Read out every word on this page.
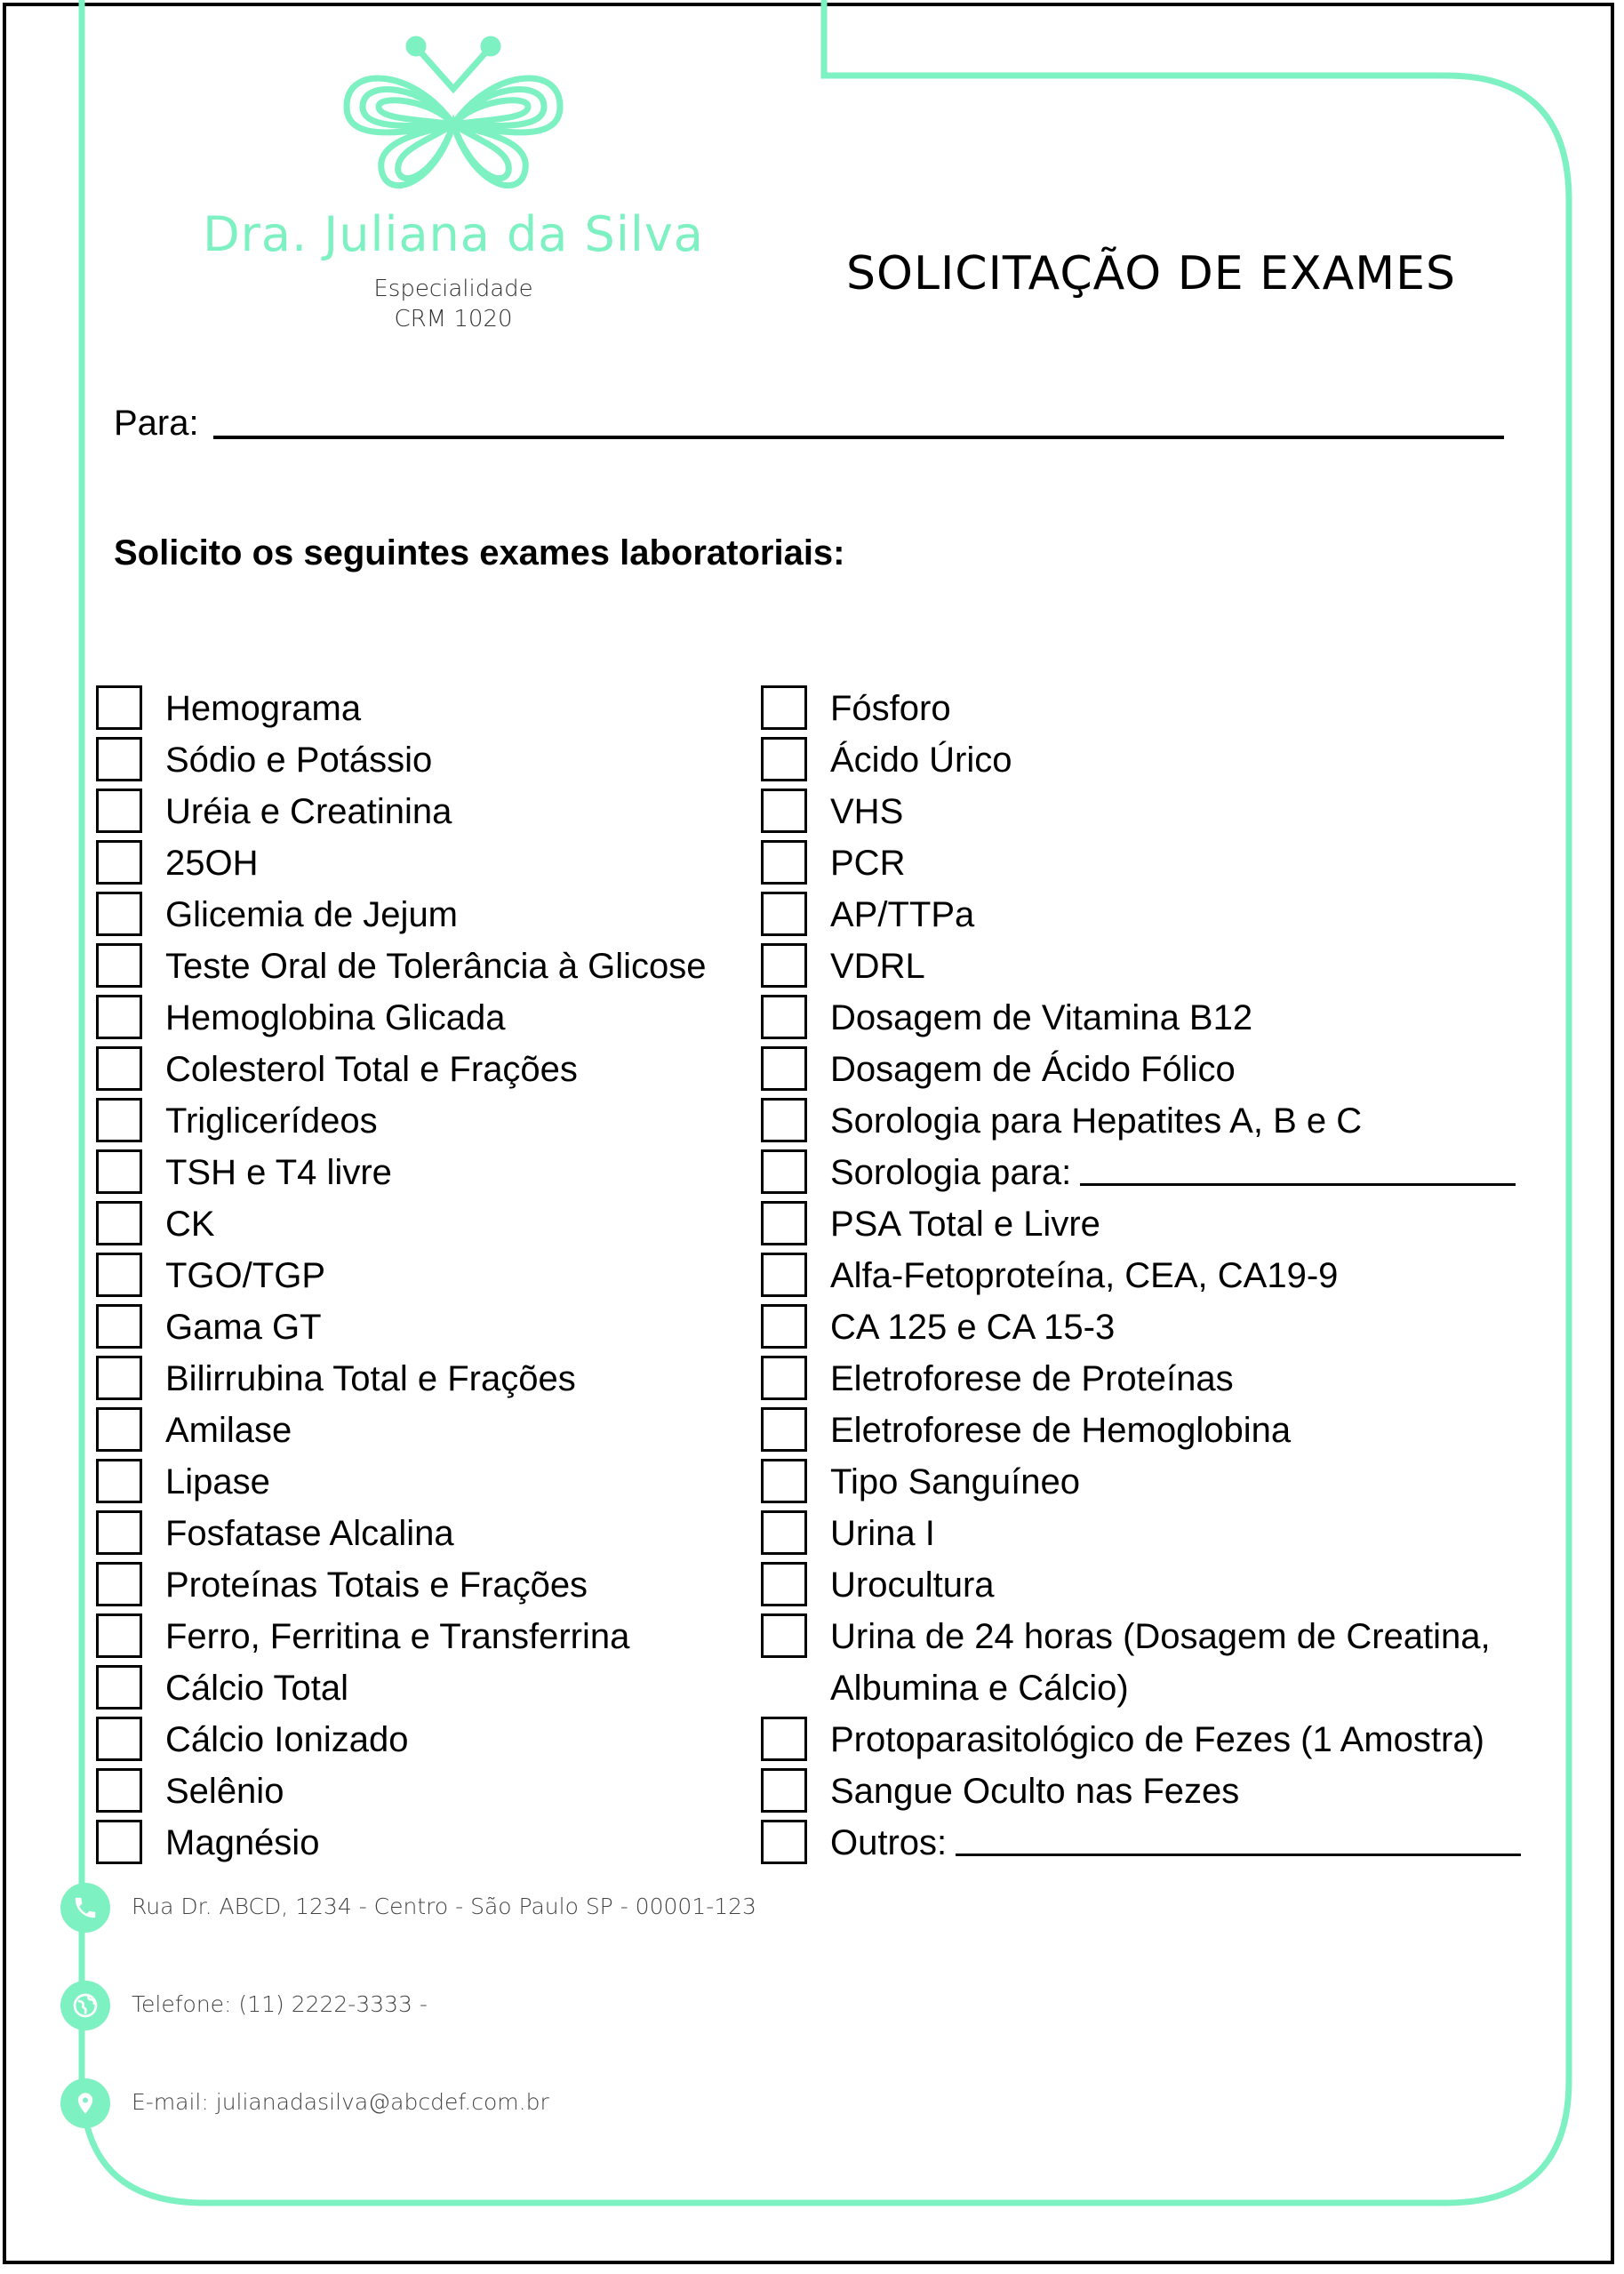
Dra. Juliana da Silva
Especialidade
CRM 1020
SOLICITAÇÃO DE EXAMES
Para:
Solicito os seguintes exames laboratoriais:
Hemograma
Sódio e Potássio
Uréia e Creatinina
25OH
Glicemia de Jejum
Teste Oral de Tolerância à Glicose
Hemoglobina Glicada
Colesterol Total e Frações
Triglicerídeos
TSH e T4 livre
CK
TGO/TGP
Gama GT
Bilirrubina Total e Frações
Amilase
Lipase
Fosfatase Alcalina
Proteínas Totais e Frações
Ferro, Ferritina e Transferrina
Cálcio Total
Cálcio Ionizado
Selênio
Magnésio
Fósforo
Ácido Úrico
VHS
PCR
AP/TTPa
VDRL
Dosagem de Vitamina B12
Dosagem de Ácido Fólico
Sorologia para Hepatites A, B e C
Sorologia para:
PSA Total e Livre
Alfa-Fetoproteína, CEA, CA19-9
CA 125 e CA 15-3
Eletroforese de Proteínas
Eletroforese de Hemoglobina
Tipo Sanguíneo
Urina I
Urocultura
Urina de 24 horas (Dosagem de Creatina, Albumina e Cálcio)
Protoparasitológico de Fezes (1 Amostra)
Sangue Oculto nas Fezes
Outros:
Rua Dr. ABCD, 1234 - Centro - São Paulo SP - 00001-123
Telefone: (11) 2222-3333 -
E-mail: julianadasilva@abcdef.com.br
